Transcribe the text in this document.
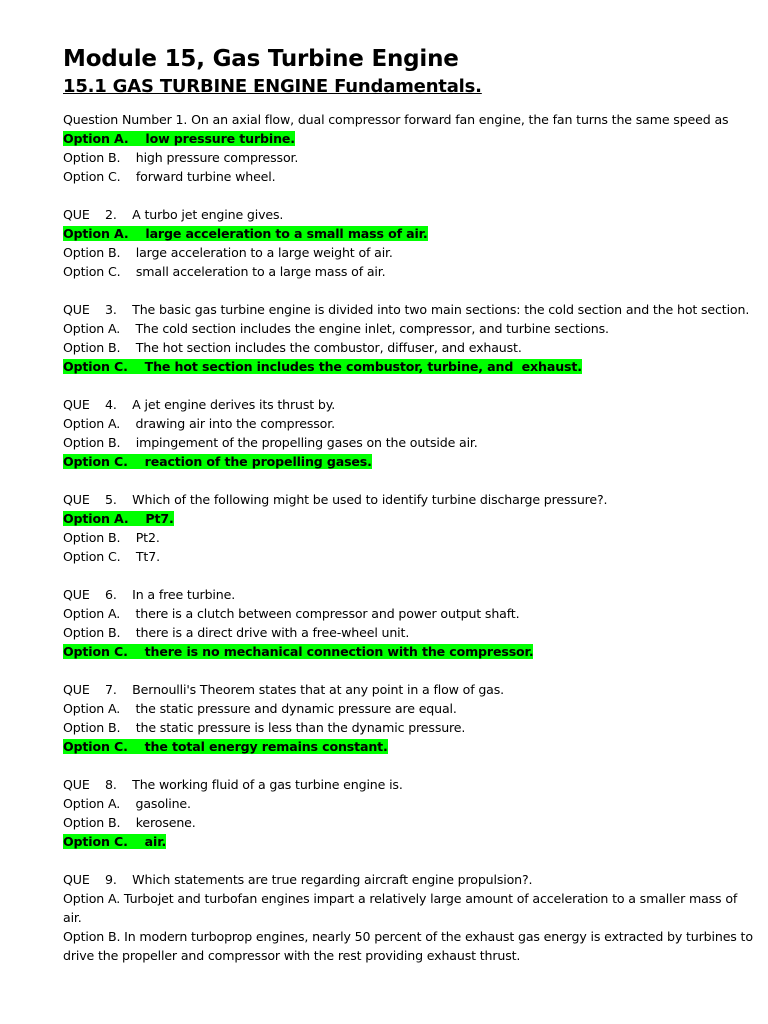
Module 15, Gas Turbine Engine
15.1 GAS TURBINE ENGINE Fundamentals.
Question Number 1. On an axial flow, dual compressor forward fan engine, the fan turns the same speed as
Option A.    low pressure turbine.
Option B.    high pressure compressor.
Option C.    forward turbine wheel.
QUE    2.    A turbo jet engine gives.
Option A.    large acceleration to a small mass of air.
Option B.    large acceleration to a large weight of air.
Option C.    small acceleration to a large mass of air.
QUE    3.    The basic gas turbine engine is divided into two main sections: the cold section and the hot section.
Option A.    The cold section includes the engine inlet, compressor, and turbine sections.
Option B.    The hot section includes the combustor, diffuser, and exhaust.
Option C.    The hot section includes the combustor, turbine, and  exhaust.
QUE    4.    A jet engine derives its thrust by.
Option A.    drawing air into the compressor.
Option B.    impingement of the propelling gases on the outside air.
Option C.    reaction of the propelling gases.
QUE    5.    Which of the following might be used to identify turbine discharge pressure?.
Option A.    Pt7.
Option B.    Pt2.
Option C.    Tt7.
QUE    6.    In a free turbine.
Option A.    there is a clutch between compressor and power output shaft.
Option B.    there is a direct drive with a free-wheel unit.
Option C.    there is no mechanical connection with the compressor.
QUE    7.    Bernoulli's Theorem states that at any point in a flow of gas.
Option A.    the static pressure and dynamic pressure are equal.
Option B.    the static pressure is less than the dynamic pressure.
Option C.    the total energy remains constant.
QUE    8.    The working fluid of a gas turbine engine is.
Option A.    gasoline.
Option B.    kerosene.
Option C.    air.
QUE    9.    Which statements are true regarding aircraft engine propulsion?.
Option A. Turbojet and turbofan engines impart a relatively large amount of acceleration to a smaller mass of air.
Option B. In modern turboprop engines, nearly 50 percent of the exhaust gas energy is extracted by turbines to drive the propeller and compressor with the rest providing exhaust thrust.
